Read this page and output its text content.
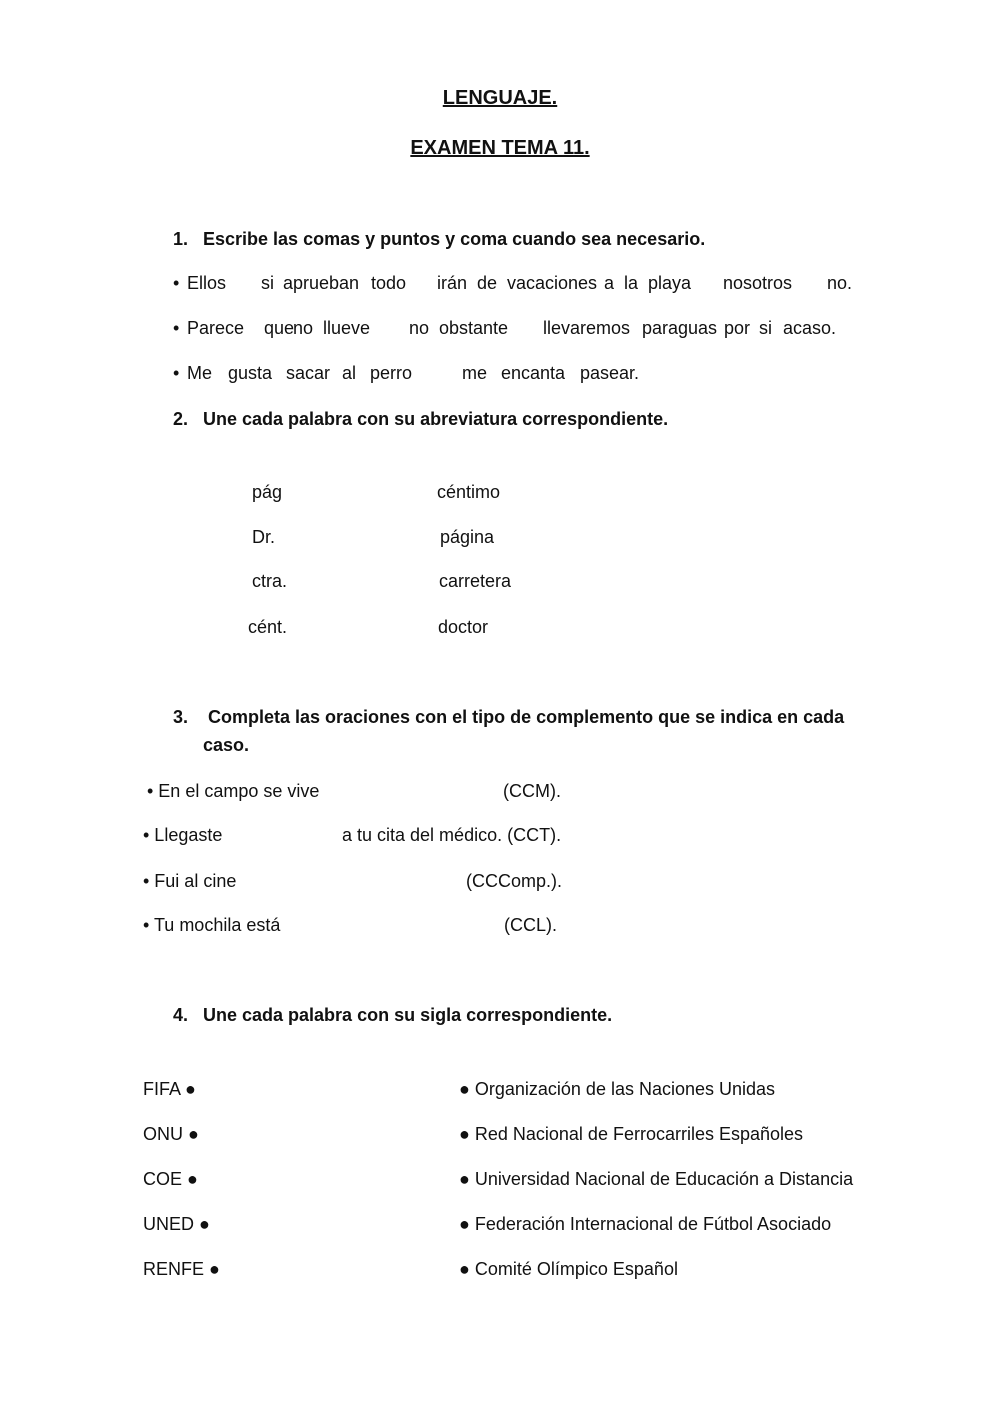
LENGUAJE.
EXAMEN TEMA 11.
1. Escribe las comas y puntos y coma cuando sea necesario.
• Ellos si aprueban todo irán de vacaciones a la playa nosotros no.
• Parece que
no llueve no obstante llevaremos paraguas por si acaso.
• Me gusta sacar al perro	me encanta pasear.
2. Une cada palabra con su abreviatura correspondiente.
pág	céntimo
Dr.	página
ctra.	carretera
cént.	doctor
3. Completa las oraciones con el tipo de complemento que se indica en cada
caso.
• En el campo se vive	(CCM).
• Llegaste	a tu cita del médico. (CCT).
• Fui al cine	(CCComp.).
• Tu mochila está	(CCL).
4. Une cada palabra con su sigla correspondiente.
FIFA ●	● Organización de las Naciones Unidas
ONU ●	● Red Nacional de Ferrocarriles Españoles
COE ●	● Universidad Nacional de Educación a Distancia
UNED ●	● Federación Internacional de Fútbol Asociado
RENFE ●	● Comité Olímpico Español
